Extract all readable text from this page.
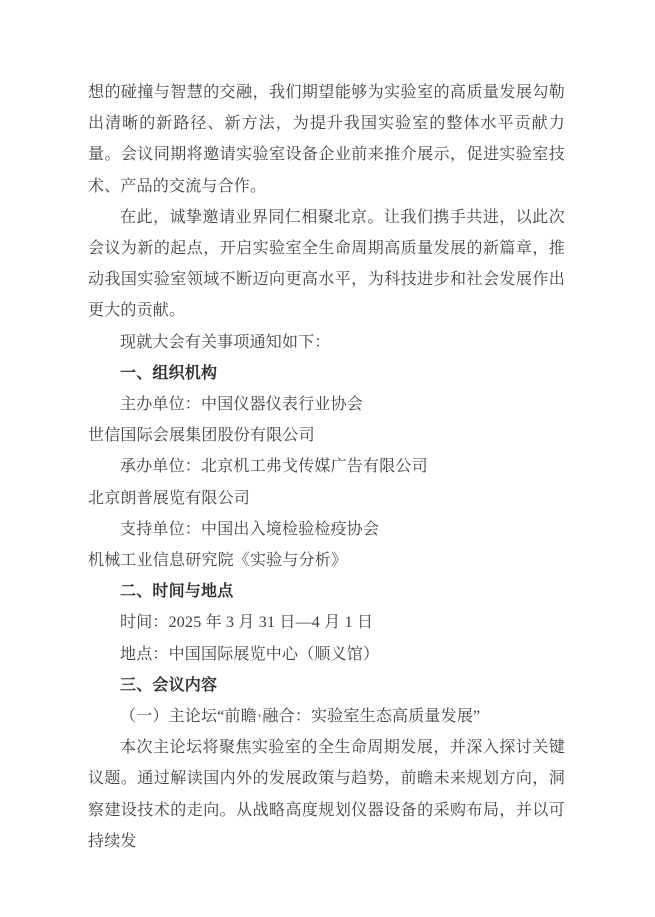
想的碰撞与智慧的交融，我们期望能够为实验室的高质量发展勾勒出清晰的新路径、新方法，为提升我国实验室的整体水平贡献力量。会议同期将邀请实验室设备企业前来推介展示，促进实验室技术、产品的交流与合作。

在此，诚挚邀请业界同仁相聚北京。让我们携手共进，以此次会议为新的起点，开启实验室全生命周期高质量发展的新篇章，推动我国实验室领域不断迈向更高水平，为科技进步和社会发展作出更大的贡献。

现就大会有关事项通知如下：

一、组织机构
主办单位：中国仪器仪表行业协会
世信国际会展集团股份有限公司
承办单位：北京机工弗戈传媒广告有限公司
北京朗普展览有限公司
支持单位：中国出入境检验检疫协会
机械工业信息研究院《实验与分析》
二、时间与地点
时间：2025 年 3 月 31 日—4 月 1 日
地点：中国国际展览中心（顺义馆）
三、会议内容
（一）主论坛“前瞻·融合：实验室生态高质量发展”

本次主论坛将聚焦实验室的全生命周期发展，并深入探讨关键议题。通过解读国内外的发展政策与趋势，前瞻未来规划方向，洞察建设技术的走向。从战略高度规划仪器设备的采购布局，并以可持续发
